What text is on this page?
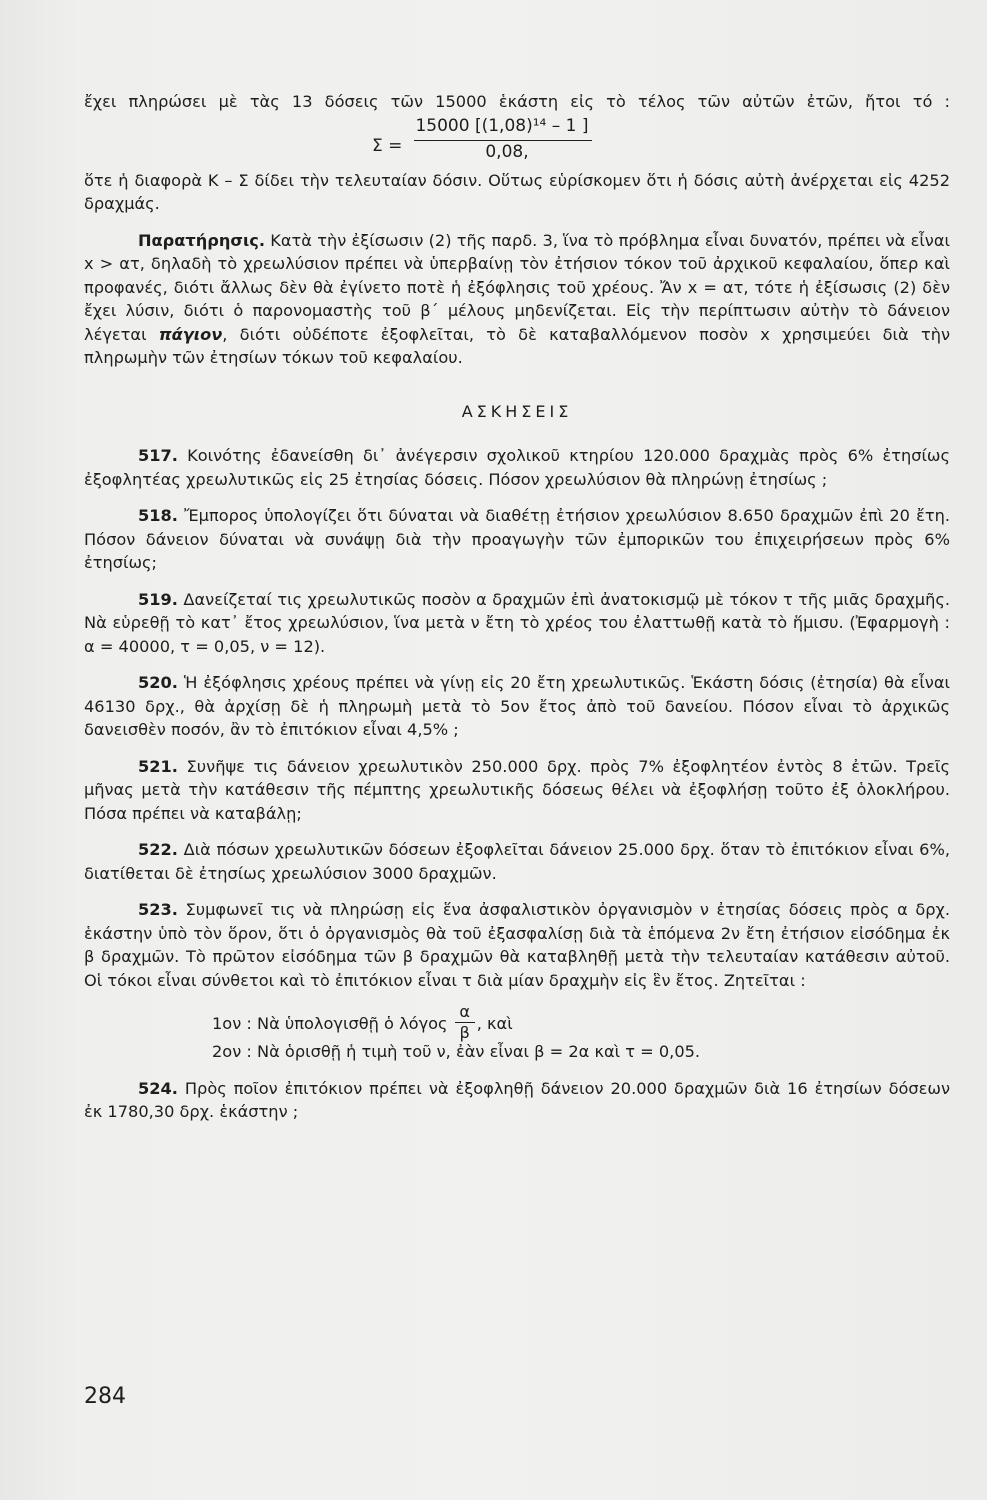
ἔχει πληρώσει μὲ τὰς 13 δόσεις τῶν 15000 ἑκάστη εἰς τὸ τέλος τῶν αὐτῶν ἐτῶν, ἤτοι τό :

Σ =
15000 [(1,08)¹⁴ – 1 ]
0,08,

ὅτε ἡ διαφορὰ Κ – Σ δίδει τὴν τελευταίαν δόσιν. Οὕτως εὑρίσκομεν ὅτι ἡ δόσις αὐτὴ ἀνέρχεται εἰς 4252 δραχμάς.

Παρατήρησις. Κατὰ τὴν ἐξίσωσιν (2) τῆς παρδ. 3, ἵνα τὸ πρόβλημα εἶναι δυνατόν, πρέπει νὰ εἶναι x > ατ, δηλαδὴ τὸ χρεωλύσιον πρέπει νὰ ὑπερβαίνῃ τὸν ἐτήσιον τόκον τοῦ ἀρχικοῦ κεφαλαίου, ὅπερ καὶ προφανές, διότι ἄλλως δὲν θὰ ἐγίνετο ποτὲ ἡ ἐξόφλησις τοῦ χρέους. Ἄν x = ατ, τότε ἡ ἐξίσωσις (2) δὲν ἔχει λύσιν, διότι ὁ παρονομαστὴς τοῦ β΄ μέλους μηδενίζεται. Εἰς τὴν περίπτωσιν αὐτὴν τὸ δάνειον λέγεται πάγιον, διότι οὐδέποτε ἐξοφλεῖται, τὸ δὲ καταβαλλόμενον ποσὸν x χρησιμεύει διὰ τὴν πληρωμὴν τῶν ἐτησίων τόκων τοῦ κεφαλαίου.

ΑΣΚΗΣΕΙΣ

517. Κοινότης ἐδανείσθη δι᾿ ἀνέγερσιν σχολικοῦ κτηρίου 120.000 δραχμὰς πρὸς 6% ἐτησίως ἐξοφλητέας χρεωλυτικῶς εἰς 25 ἐτησίας δόσεις. Πόσον χρεωλύσιον θὰ πληρώνῃ ἐτησίως ;

518. Ἔμπορος ὑπολογίζει ὅτι δύναται νὰ διαθέτῃ ἐτήσιον χρεωλύσιον 8.650 δραχμῶν ἐπὶ 20 ἔτη. Πόσον δάνειον δύναται νὰ συνάψῃ διὰ τὴν προαγωγὴν τῶν ἐμπορικῶν του ἐπιχειρήσεων πρὸς 6% ἐτησίως;

519. Δανείζεταί τις χρεωλυτικῶς ποσὸν α δραχμῶν ἐπὶ ἀνατοκισμῷ μὲ τόκον τ τῆς μιᾶς δραχμῆς. Νὰ εὑρεθῇ τὸ κατ᾿ ἔτος χρεωλύσιον, ἵνα μετὰ ν ἔτη τὸ χρέος του ἐλαττωθῇ κατὰ τὸ ἥμισυ. (Ἐφαρμογὴ : α = 40000, τ = 0,05, ν = 12).

520. Ἡ ἐξόφλησις χρέους πρέπει νὰ γίνῃ εἰς 20 ἔτη χρεωλυτικῶς. Ἑκάστη δόσις (ἐτησία) θὰ εἶναι 46130 δρχ., θὰ ἀρχίσῃ δὲ ἡ πληρωμὴ μετὰ τὸ 5ον ἔτος ἀπὸ τοῦ δανείου. Πόσον εἶναι τὸ ἀρχικῶς δανεισθὲν ποσόν, ἂν τὸ ἐπιτόκιον εἶναι 4,5% ;

521. Συνῆψε τις δάνειον χρεωλυτικὸν 250.000 δρχ. πρὸς 7% ἐξοφλητέον ἐντὸς 8 ἐτῶν. Τρεῖς μῆνας μετὰ τὴν κατάθεσιν τῆς πέμπτης χρεωλυτικῆς δόσεως θέλει νὰ ἐξοφλήσῃ τοῦτο ἐξ ὁλοκλήρου. Πόσα πρέπει νὰ καταβάλῃ;

522. Διὰ πόσων χρεωλυτικῶν δόσεων ἐξοφλεῖται δάνειον 25.000 δρχ. ὅταν τὸ ἐπιτόκιον εἶναι 6%, διατίθεται δὲ ἐτησίως χρεωλύσιον 3000 δραχμῶν.

523. Συμφωνεῖ τις νὰ πληρώσῃ εἰς ἕνα ἀσφαλιστικὸν ὀργανισμὸν ν ἐτησίας δόσεις πρὸς α δρχ. ἑκάστην ὑπὸ τὸν ὅρον, ὅτι ὁ ὀργανισμὸς θὰ τοῦ ἐξασφαλίσῃ διὰ τὰ ἑπόμενα 2ν ἔτη ἐτήσιον εἰσόδημα ἐκ β δραχμῶν. Τὸ πρῶτον εἰσόδημα τῶν β δραχμῶν θὰ καταβληθῇ μετὰ τὴν τελευταίαν κατάθεσιν αὐτοῦ. Οἱ τόκοι εἶναι σύνθετοι καὶ τὸ ἐπιτόκιον εἶναι τ διὰ μίαν δραχμὴν εἰς ἓν ἔτος. Ζητεῖται :

1ον : Νὰ ὑπολογισθῇ ὁ λόγος $\frac{\alpha}{\beta}$ , καὶ

2ον : Νὰ ὁρισθῇ ἡ τιμὴ τοῦ ν, ἐὰν εἶναι β = 2α καὶ τ = 0,05.

524. Πρὸς ποῖον ἐπιτόκιον πρέπει νὰ ἐξοφληθῇ δάνειον 20.000 δραχμῶν διὰ 16 ἐτησίων δόσεων ἐκ 1780,30 δρχ. ἑκάστην ;

284
